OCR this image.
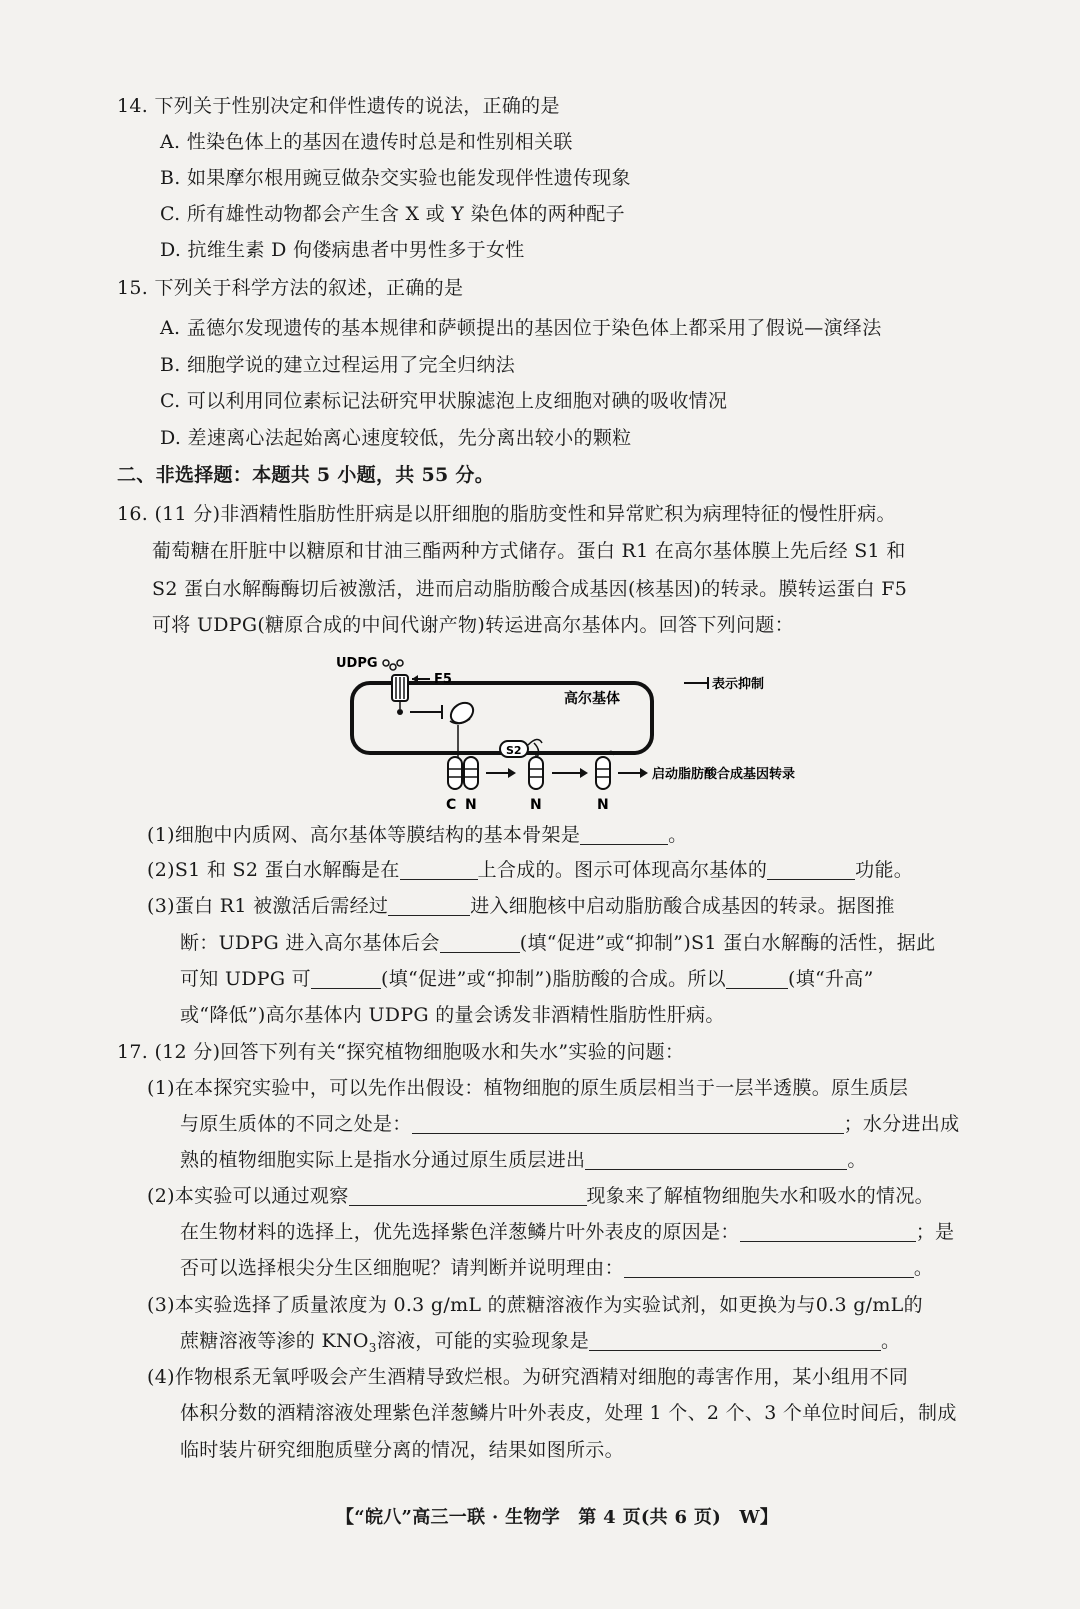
14. 下列关于性别决定和伴性遗传的说法，正确的是
A. 性染色体上的基因在遗传时总是和性别相关联
B. 如果摩尔根用豌豆做杂交实验也能发现伴性遗传现象
C. 所有雄性动物都会产生含 X 或 Y 染色体的两种配子
D. 抗维生素 D 佝偻病患者中男性多于女性
15. 下列关于科学方法的叙述，正确的是
A. 孟德尔发现遗传的基本规律和萨顿提出的基因位于染色体上都采用了假说—演绎法
B. 细胞学说的建立过程运用了完全归纳法
C. 可以利用同位素标记法研究甲状腺滤泡上皮细胞对碘的吸收情况
D. 差速离心法起始离心速度较低，先分离出较小的颗粒
二、非选择题：本题共 5 小题，共 55 分。
16. (11 分)非酒精性脂肪性肝病是以肝细胞的脂肪变性和异常贮积为病理特征的慢性肝病。
葡萄糖在肝脏中以糖原和甘油三酯两种方式储存。蛋白 R1 在高尔基体膜上先后经 S1 和
S2 蛋白水解酶酶切后被激活，进而启动脂肪酸合成基因(核基因)的转录。膜转运蛋白 F5
可将 UDPG(糖原合成的中间代谢产物)转运进高尔基体内。回答下列问题：
UDPG
F5
高尔基体
表示抑制
C N
S2
N	N
启动脂肪酸合成基因转录
(1)细胞中内质网、高尔基体等膜结构的基本骨架是	。
(2)S1 和 S2 蛋白水解酶是在	上合成的。图示可体现高尔基体的	功能。
(3)蛋白 R1 被激活后需经过	进入细胞核中启动脂肪酸合成基因的转录。据图推
断：UDPG 进入高尔基体后会	(填“促进”或“抑制”)S1 蛋白水解酶的活性，据此
可知 UDPG 可	(填“促进”或“抑制”)脂肪酸的合成。所以	(填“升高”
或“降低”)高尔基体内 UDPG 的量会诱发非酒精性脂肪性肝病。
17. (12 分)回答下列有关“探究植物细胞吸水和失水”实验的问题：
(1)在本探究实验中，可以先作出假设：植物细胞的原生质层相当于一层半透膜。原生质层
与原生质体的不同之处是：	；水分进出成
熟的植物细胞实际上是指水分通过原生质层进出	。
(2)本实验可以通过观察	现象来了解植物细胞失水和吸水的情况。
在生物材料的选择上，优先选择紫色洋葱鳞片叶外表皮的原因是：	；是
否可以选择根尖分生区细胞呢？请判断并说明理由：	。
(3)本实验选择了质量浓度为 0.3 g/mL 的蔗糖溶液作为实验试剂，如更换为与0.3 g/mL的
蔗糖溶液等渗的 $KNO_3$溶液，可能的实验现象是	。
(4)作物根系无氧呼吸会产生酒精导致烂根。为研究酒精对细胞的毒害作用，某小组用不同
体积分数的酒精溶液处理紫色洋葱鳞片叶外表皮，处理 1 个、2 个、3 个单位时间后，制成
临时装片研究细胞质壁分离的情况，结果如图所示。
【“皖八”高三一联 · 生物学　第 4 页(共 6 页)　W】
